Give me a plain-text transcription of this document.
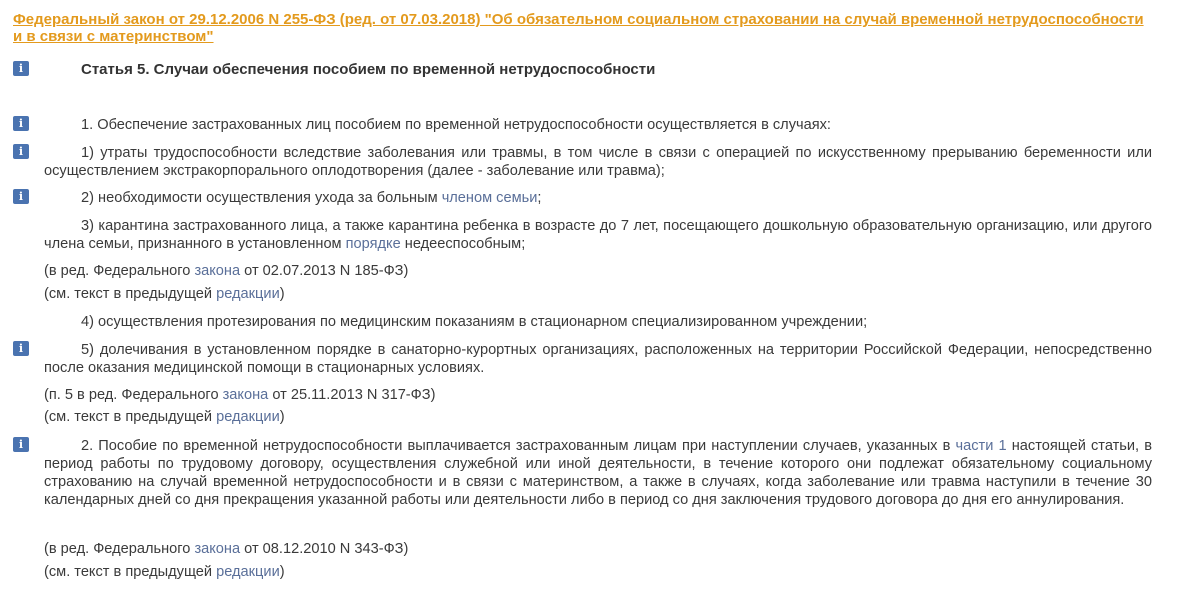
Федеральный закон от 29.12.2006 N 255-ФЗ (ред. от 07.03.2018) "Об обязательном социальном страховании на случай временной нетрудоспособности и в связи с материнством"
i	Статья 5. Случаи обеспечения пособием по временной нетрудоспособности
i	1. Обеспечение застрахованных лиц пособием по временной нетрудоспособности осуществляется в случаях:
i	1) утраты трудоспособности вследствие заболевания или травмы, в том числе в связи с операцией по искусственному прерыванию беременности или осуществлением экстракорпорального оплодотворения (далее - заболевание или травма);
i	2) необходимости осуществления ухода за больным членом семьи;
3) карантина застрахованного лица, а также карантина ребенка в возрасте до 7 лет, посещающего дошкольную образовательную организацию, или другого члена семьи, признанного в установленном порядке недееспособным;
(в ред. Федерального закона от 02.07.2013 N 185-ФЗ)
(см. текст в предыдущей редакции)
4) осуществления протезирования по медицинским показаниям в стационарном специализированном учреждении;
i	5) долечивания в установленном порядке в санаторно-курортных организациях, расположенных на территории Российской Федерации, непосредственно после оказания медицинской помощи в стационарных условиях.
(п. 5 в ред. Федерального закона от 25.11.2013 N 317-ФЗ)
(см. текст в предыдущей редакции)
i	2. Пособие по временной нетрудоспособности выплачивается застрахованным лицам при наступлении случаев, указанных в части 1 настоящей статьи, в период работы по трудовому договору, осуществления служебной или иной деятельности, в течение которого они подлежат обязательному социальному страхованию на случай временной нетрудоспособности и в связи с материнством, а также в случаях, когда заболевание или травма наступили в течение 30 календарных дней со дня прекращения указанной работы или деятельности либо в период со дня заключения трудового договора до дня его аннулирования.
(в ред. Федерального закона от 08.12.2010 N 343-ФЗ)
(см. текст в предыдущей редакции)
